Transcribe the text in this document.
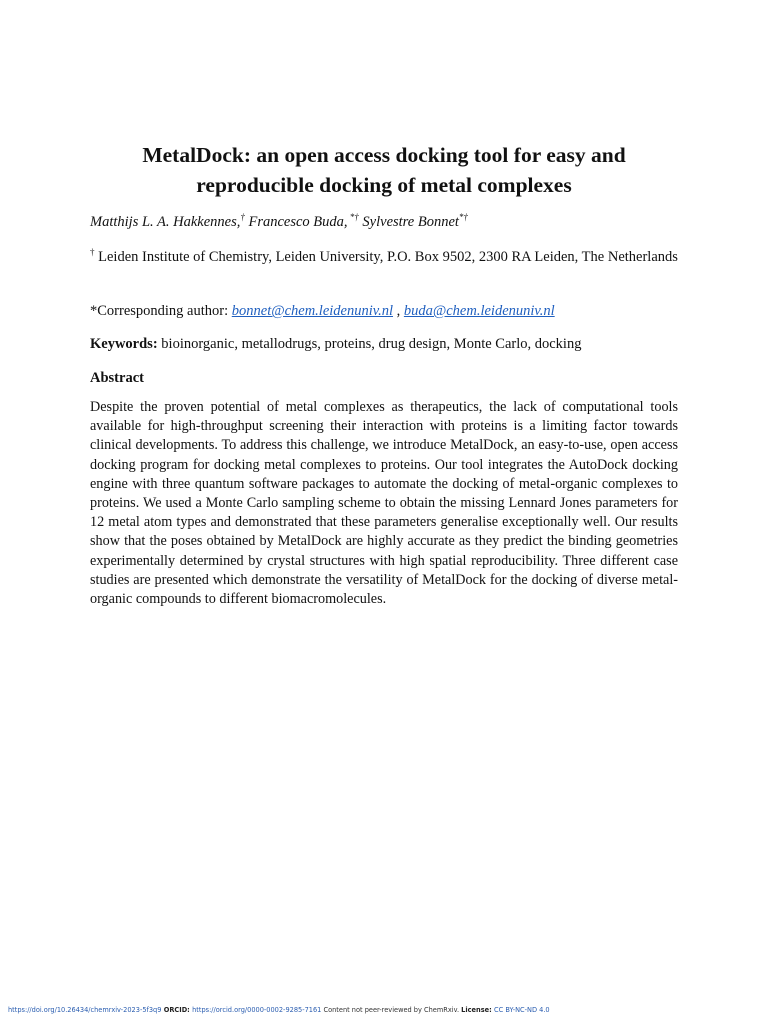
MetalDock: an open access docking tool for easy and
reproducible docking of metal complexes
Matthijs L. A. Hakkennes,† Francesco Buda, *† Sylvestre Bonnet*†
† Leiden Institute of Chemistry, Leiden University, P.O. Box 9502, 2300 RA Leiden, The Netherlands
*Corresponding author: bonnet@chem.leidenuniv.nl , buda@chem.leidenuniv.nl
Keywords: bioinorganic, metallodrugs, proteins, drug design, Monte Carlo, docking
Abstract

Despite the proven potential of metal complexes as therapeutics, the lack of computational tools available for high-throughput screening their interaction with proteins is a limiting factor towards clinical developments. To address this challenge, we introduce MetalDock, an easy-to-use, open access docking program for docking metal complexes to proteins. Our tool integrates the AutoDock docking engine with three quantum software packages to automate the docking of metal-organic complexes to proteins. We used a Monte Carlo sampling scheme to obtain the missing Lennard Jones parameters for 12 metal atom types and demonstrated that these parameters generalise exceptionally well. Our results show that the poses obtained by MetalDock are highly accurate as they predict the binding geometries experimentally determined by crystal structures with high spatial reproducibility. Three different case studies are presented which demonstrate the versatility of MetalDock for the docking of diverse metal-organic compounds to different biomacromolecules.

https://doi.org/10.26434/chemrxiv-2023-5f3q9 ORCID: https://orcid.org/0000-0002-9285-7161 Content not peer-reviewed by ChemRxiv. License: CC BY-NC-ND 4.0
